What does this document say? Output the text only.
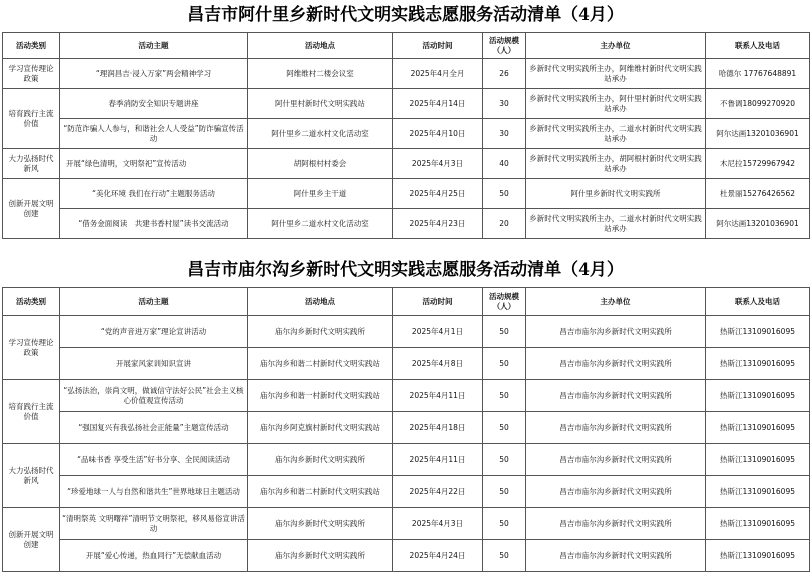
昌吉市阿什里乡新时代文明实践志愿服务活动清单（4月）
活动类别	活动主题	活动地点	活动时间	活动规模（人）	主办单位	联系人及电话
学习宣传理论政策	“理润昌吉·浸入万家”两会精神学习	阿维维村二楼会议室	2025年4月全月	26	乡新时代文明实践所主办，阿维维村新时代文明实践站承办	哈德尔 17767648891
培育践行主流价值	春季消防安全知识专题讲座	阿什里村新时代文明实践站	2025年4月14日	30	乡新时代文明实践所主办，阿什里村新时代文明实践站承办	不鲁调18099270920
	“防范诈骗人人参与，和谐社会人人受益”防诈骗宣传活动	阿什里乡二道水村文化活动室	2025年4月10日	30	乡新时代文明实践所主办，二道水村新时代文明实践站承办	阿尔达画13201036901
大力弘扬时代新风	开展“绿色清明，文明祭祀”宣传活动	胡阿根村村委会	2025年4月3日	40	乡新时代文明实践所主办，胡阿根村新时代文明实践站承办	木尼拉15729967942
创新开展文明创建	“美化环境 我们在行动”主题服务活动	阿什里乡主干道	2025年4月25日	50	阿什里乡新时代文明实践所	杜景丽15276426562
	“借务金面阅读　共建书香村屋”读书交流活动	阿什里乡二道水村文化活动室	2025年4月23日	20	乡新时代文明实践所主办，二道水村新时代文明实践站承办	阿尔达画13201036901
昌吉市庙尔沟乡新时代文明实践志愿服务活动清单（4月）
活动类别	活动主题	活动地点	活动时间	活动规模（人）	主办单位	联系人及电话
学习宣传理论政策	“党的声音进万家”理论宣讲活动	庙尔沟乡新时代文明实践所	2025年4月1日	50	昌吉市庙尔沟乡新时代文明实践所	热斯江13109016095
	开展家风家训知识宣讲	庙尔沟乡和谐二村新时代文明实践站	2025年4月8日	50	昌吉市庙尔沟乡新时代文明实践所	热斯江13109016095
培育践行主流价值	“弘扬法治，崇尚文明，做诚信守法好公民”社会主义核心价值观宣传活动	庙尔沟乡和谐一村新时代文明实践站	2025年4月11日	50	昌吉市庙尔沟乡新时代文明实践所	热斯江13109016095
	“强国复兴有我弘扬社会正能量”主题宣传活动	庙尔沟乡阿克旗村新时代文明实践站	2025年4月18日	50	昌吉市庙尔沟乡新时代文明实践所	热斯江13109016095
大力弘扬时代新风	“品味书香 享受生活”好书分享、全民阅读活动	庙尔沟乡新时代文明实践所	2025年4月11日	50	昌吉市庙尔沟乡新时代文明实践所	热斯江13109016095
	“珍爱地球一人与自然和谐共生”世界地球日主题活动	庙尔沟乡和谐二村新时代文明实践站	2025年4月22日	50	昌吉市庙尔沟乡新时代文明实践所	热斯江13109016095
创新开展文明创建	“清明祭英 文明曙祥”清明节文明祭祀，移风易俗宣讲活动	庙尔沟乡新时代文明实践所	2025年4月3日	50	昌吉市庙尔沟乡新时代文明实践所	热斯江13109016095
	开展“爱心传递，热血同行”无偿献血活动	庙尔沟乡新时代文明实践所	2025年4月24日	50	昌吉市庙尔沟乡新时代文明实践所	热斯江13109016095
